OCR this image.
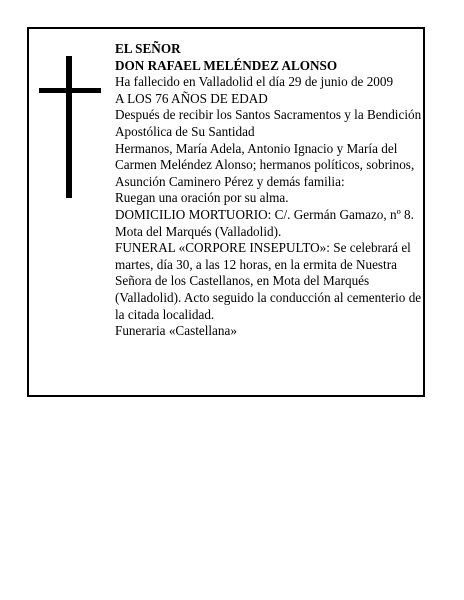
EL SEÑOR

DON RAFAEL MELÉNDEZ ALONSO

Ha fallecido en Valladolid el día 29 de junio de 2009

A LOS 76 AÑOS DE EDAD

Después de recibir los Santos Sacramentos y la Bendición Apostólica de Su Santidad

Hermanos, María Adela, Antonio Ignacio y María del Carmen Meléndez Alonso; hermanos políticos, sobrinos, Asunción Caminero Pérez y demás familia:

Ruegan una oración por su alma.

DOMICILIO MORTUORIO: C/. Germán Gamazo, nº 8. Mota del Marqués (Valladolid).

FUNERAL «CORPORE INSEPULTO»: Se celebrará el martes, día 30, a las 12 horas, en la ermita de Nuestra Señora de los Castellanos, en Mota del Marqués (Valladolid). Acto seguido la conducción al cementerio de la citada localidad.

Funeraria «Castellana»
